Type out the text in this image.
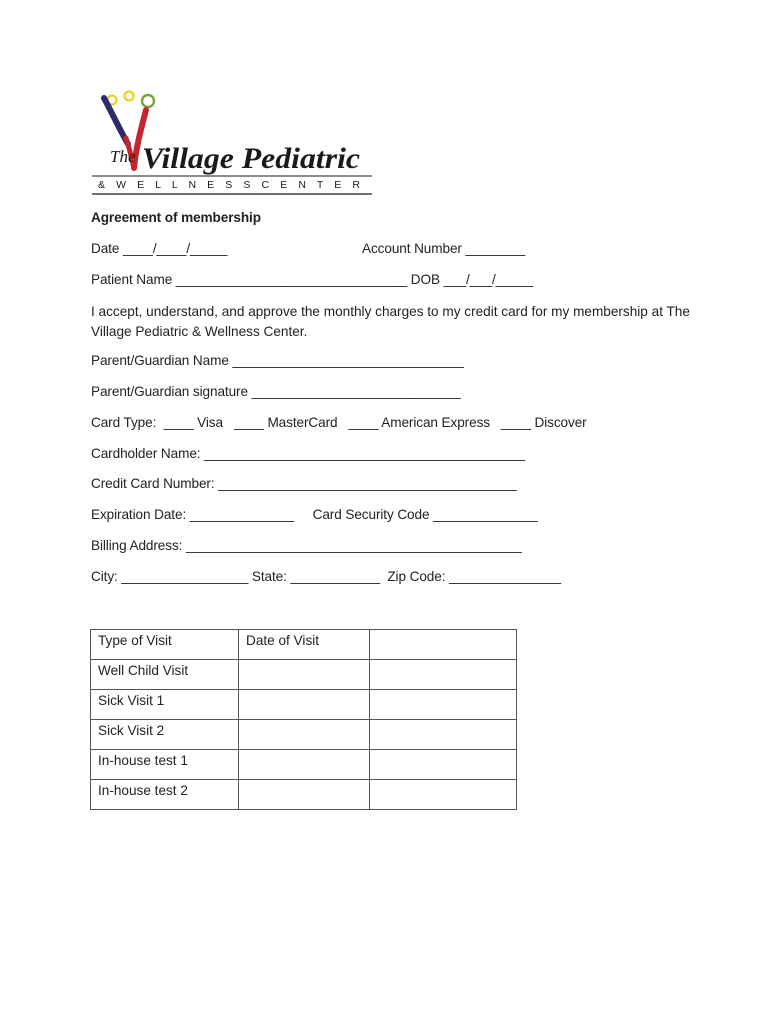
The Village Pediatric
& W E L L N E S S C E N T E R
Agreement of membership
Date ____/____/_____	Account Number ________
Patient Name _______________________________ DOB ___/___/_____
I accept, understand, and approve the monthly charges to my credit card for my membership at The Village Pediatric & Wellness Center.
Parent/Guardian Name _______________________________
Parent/Guardian signature ____________________________
Card Type:  ____ Visa   ____ MasterCard   ____ American Express   ____ Discover
Cardholder Name: ___________________________________________
Credit Card Number: ________________________________________
Expiration Date: ______________     Card Security Code ______________
Billing Address: _____________________________________________
City: _________________ State: ____________  Zip Code: _______________
Type of Visit	Date of Visit	
Well Child Visit		
Sick Visit 1		
Sick Visit 2		
In-house test 1		
In-house test 2		
